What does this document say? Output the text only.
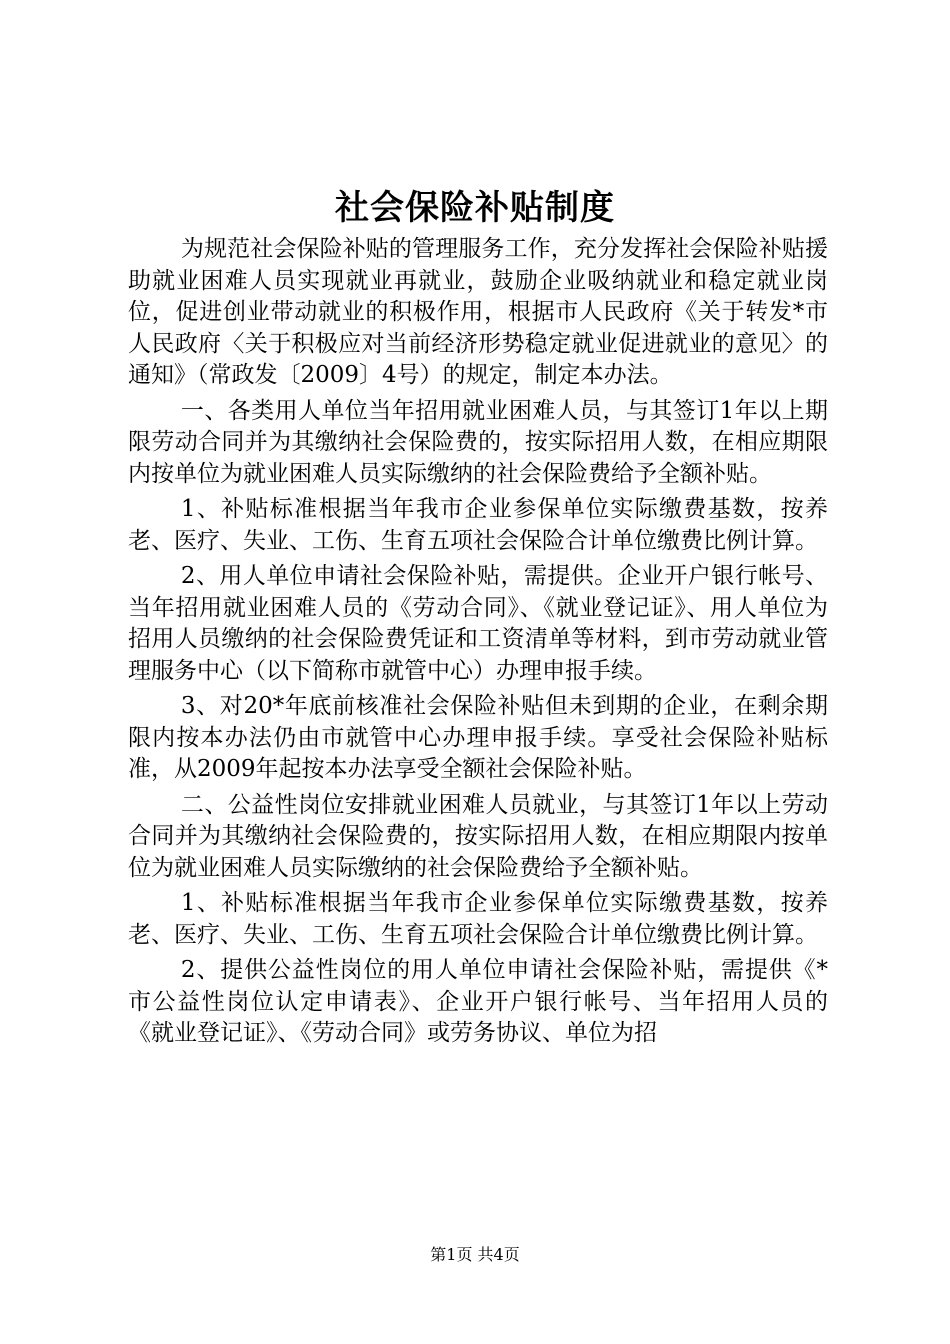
社会保险补贴制度

为规范社会保险补贴的管理服务工作，充分发挥社会保险补贴援助就业困难人员实现就业再就业，鼓励企业吸纳就业和稳定就业岗位，促进创业带动就业的积极作用，根据市人民政府《关于转发*市人民政府〈关于积极应对当前经济形势稳定就业促进就业的意见〉的通知》（常政发〔2009〕4号）的规定，制定本办法。

一、各类用人单位当年招用就业困难人员，与其签订1年以上期限劳动合同并为其缴纳社会保险费的，按实际招用人数，在相应期限内按单位为就业困难人员实际缴纳的社会保险费给予全额补贴。

1、补贴标准根据当年我市企业参保单位实际缴费基数，按养老、医疗、失业、工伤、生育五项社会保险合计单位缴费比例计算。

2、用人单位申请社会保险补贴，需提供。企业开户银行帐号、当年招用就业困难人员的《劳动合同》、《就业登记证》、用人单位为招用人员缴纳的社会保险费凭证和工资清单等材料，到市劳动就业管理服务中心（以下简称市就管中心）办理申报手续。

3、对20*年底前核准社会保险补贴但未到期的企业，在剩余期限内按本办法仍由市就管中心办理申报手续。享受社会保险补贴标准，从2009年起按本办法享受全额社会保险补贴。

二、公益性岗位安排就业困难人员就业，与其签订1年以上劳动合同并为其缴纳社会保险费的，按实际招用人数，在相应期限内按单位为就业困难人员实际缴纳的社会保险费给予全额补贴。

1、补贴标准根据当年我市企业参保单位实际缴费基数，按养老、医疗、失业、工伤、生育五项社会保险合计单位缴费比例计算。

2、提供公益性岗位的用人单位申请社会保险补贴，需提供《*市公益性岗位认定申请表》、企业开户银行帐号、当年招用人员的《就业登记证》、《劳动合同》或劳务协议、单位为招

第1页 共4页
